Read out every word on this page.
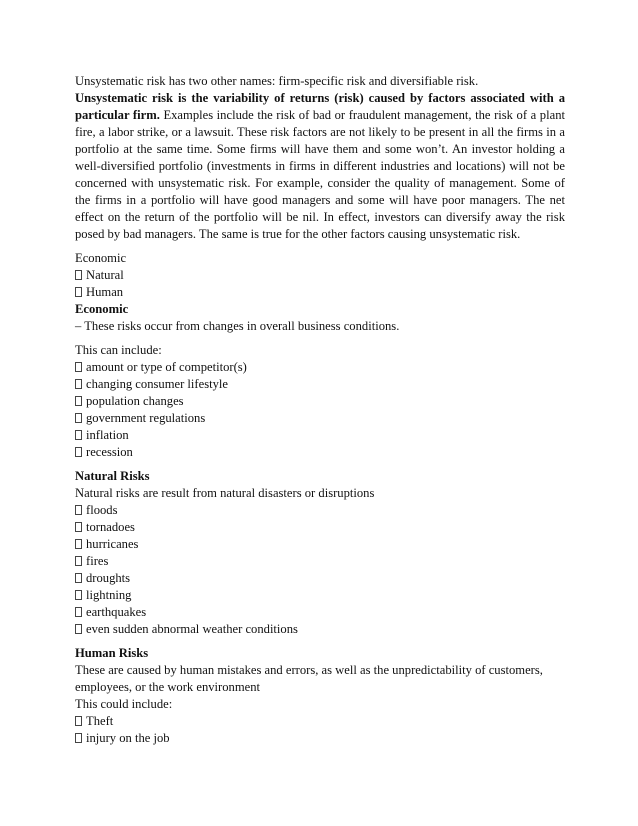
Unsystematic risk has two other names: firm-specific risk and diversifiable risk.

Unsystematic risk is the variability of returns (risk) caused by factors associated with a particular firm. Examples include the risk of bad or fraudulent management, the risk of a plant fire, a labor strike, or a lawsuit. These risk factors are not likely to be present in all the firms in a portfolio at the same time. Some firms will have them and some won’t. An investor holding a well-diversified portfolio (investments in firms in different industries and locations) will not be concerned with unsystematic risk. For example, consider the quality of management. Some of the firms in a portfolio will have good managers and some will have poor managers. The net effect on the return of the portfolio will be nil. In effect, investors can diversify away the risk posed by bad managers. The same is true for the other factors causing unsystematic risk.

Economic

Natural
Human

Economic

– These risks occur from changes in overall business conditions.

This can include:

amount or type of competitor(s)
changing consumer lifestyle
population changes
government regulations
inflation
recession

Natural Risks

Natural risks are result from natural disasters or disruptions

floods
tornadoes
hurricanes
fires
droughts
lightning
earthquakes
even sudden abnormal weather conditions

Human Risks

These are caused by human mistakes and errors, as well as the unpredictability of customers, employees, or the work environment

This could include:

Theft
injury on the job
